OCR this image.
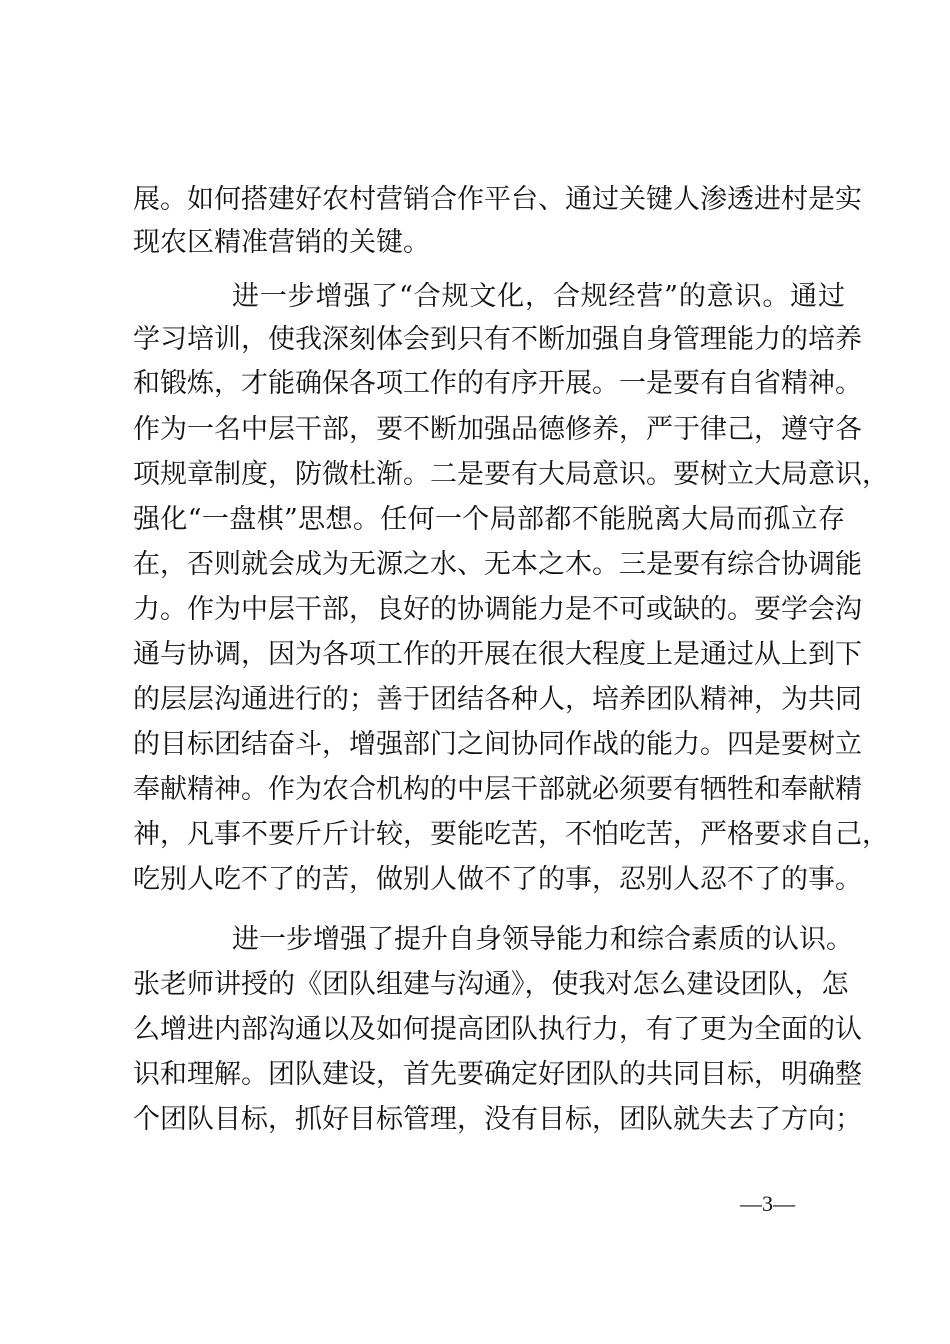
展。如何搭建好农村营销合作平台、通过关键人渗透进村是实
现农区精准营销的关键。
进一步增强了“合规文化，合规经营”的意识。通过
学习培训，使我深刻体会到只有不断加强自身管理能力的培养
和锻炼，才能确保各项工作的有序开展。一是要有自省精神。
作为一名中层干部，要不断加强品德修养，严于律己，遵守各
项规章制度，防微杜渐。二是要有大局意识。要树立大局意识，
强化“一盘棋”思想。任何一个局部都不能脱离大局而孤立存
在，否则就会成为无源之水、无本之木。三是要有综合协调能
力。作为中层干部，良好的协调能力是不可或缺的。要学会沟
通与协调，因为各项工作的开展在很大程度上是通过从上到下
的层层沟通进行的；善于团结各种人，培养团队精神，为共同
的目标团结奋斗，增强部门之间协同作战的能力。四是要树立
奉献精神。作为农合机构的中层干部就必须要有牺牲和奉献精
神，凡事不要斤斤计较，要能吃苦，不怕吃苦，严格要求自己，
吃别人吃不了的苦，做别人做不了的事，忍别人忍不了的事。
进一步增强了提升自身领导能力和综合素质的认识。
张老师讲授的《团队组建与沟通》，使我对怎么建设团队，怎
么增进内部沟通以及如何提高团队执行力，有了更为全面的认
识和理解。团队建设，首先要确定好团队的共同目标，明确整
个团队目标，抓好目标管理，没有目标，团队就失去了方向；
—3—
